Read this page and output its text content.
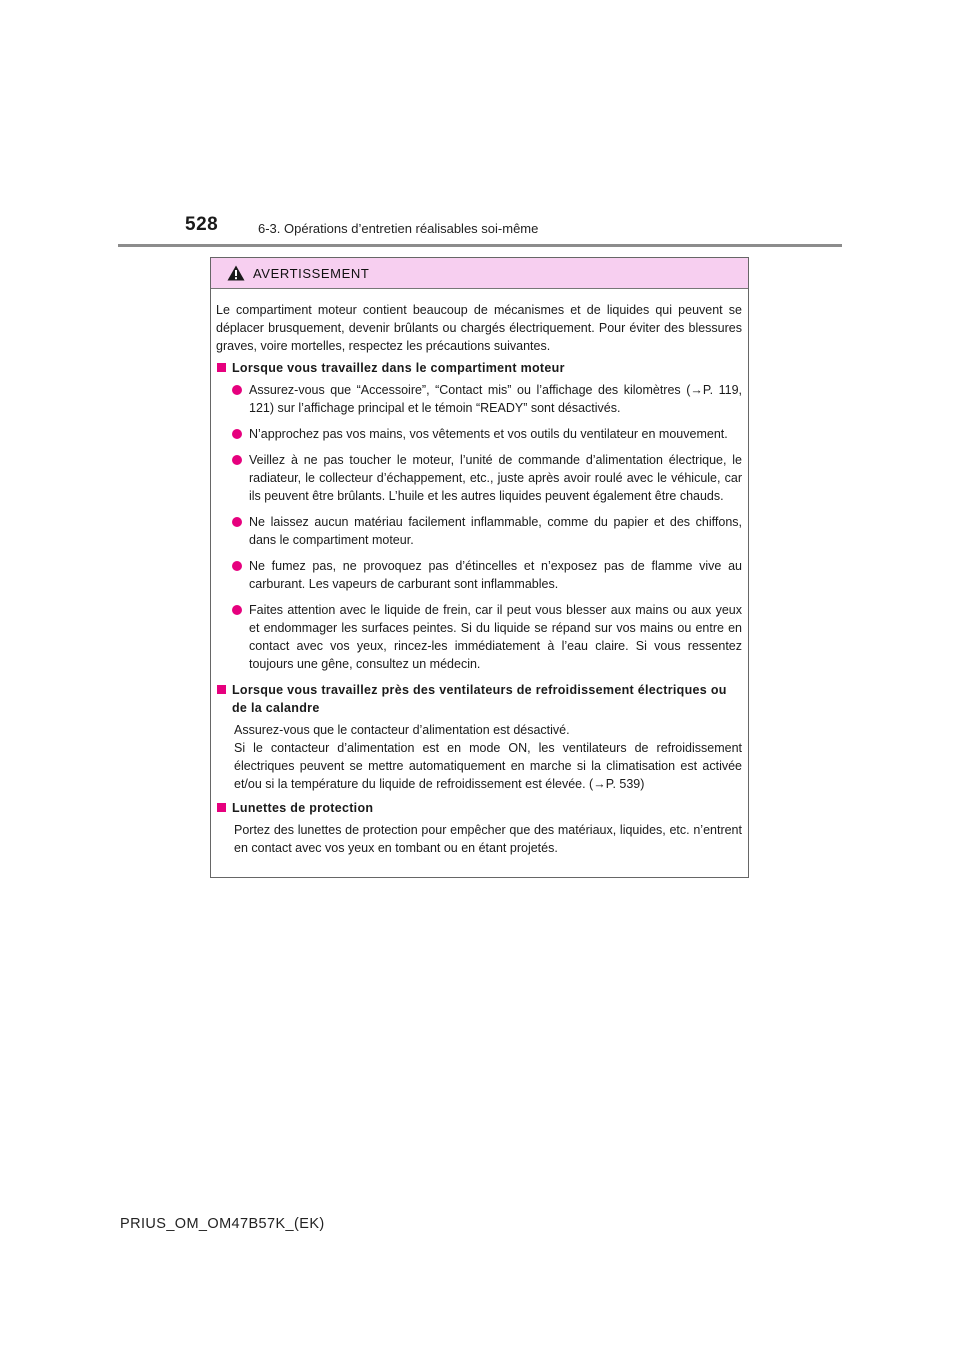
528	6-3. Opérations d’entretien réalisables soi-même
AVERTISSEMENT

Le compartiment moteur contient beaucoup de mécanismes et de liquides qui peuvent se déplacer brusquement, devenir brûlants ou chargés électriquement. Pour éviter des blessures graves, voire mortelles, respectez les précautions suivantes.

Lorsque vous travaillez dans le compartiment moteur
Assurez-vous que “Accessoire”, “Contact mis” ou l’affichage des kilomètres (→P. 119, 121) sur l’affichage principal et le témoin “READY” sont désactivés.
N’approchez pas vos mains, vos vêtements et vos outils du ventilateur en mouvement.
Veillez à ne pas toucher le moteur, l’unité de commande d’alimentation électrique, le radiateur, le collecteur d’échappement, etc., juste après avoir roulé avec le véhicule, car ils peuvent être brûlants. L’huile et les autres liquides peuvent également être chauds.
Ne laissez aucun matériau facilement inflammable, comme du papier et des chiffons, dans le compartiment moteur.
Ne fumez pas, ne provoquez pas d’étincelles et n’exposez pas de flamme vive au carburant. Les vapeurs de carburant sont inflammables.
Faites attention avec le liquide de frein, car il peut vous blesser aux mains ou aux yeux et endommager les surfaces peintes. Si du liquide se répand sur vos mains ou entre en contact avec vos yeux, rincez-les immédiatement à l’eau claire. Si vous ressentez toujours une gêne, consultez un médecin.
Lorsque vous travaillez près des ventilateurs de refroidissement électriques ou de la calandre

Assurez-vous que le contacteur d’alimentation est désactivé.

Si le contacteur d’alimentation est en mode ON, les ventilateurs de refroidissement électriques peuvent se mettre automatiquement en marche si la climatisation est activée et/ou si la température du liquide de refroidissement est élevée. (→P. 539)

Lunettes de protection

Portez des lunettes de protection pour empêcher que des matériaux, liquides, etc. n’entrent en contact avec vos yeux en tombant ou en étant projetés.

PRIUS_OM_OM47B57K_(EK)
